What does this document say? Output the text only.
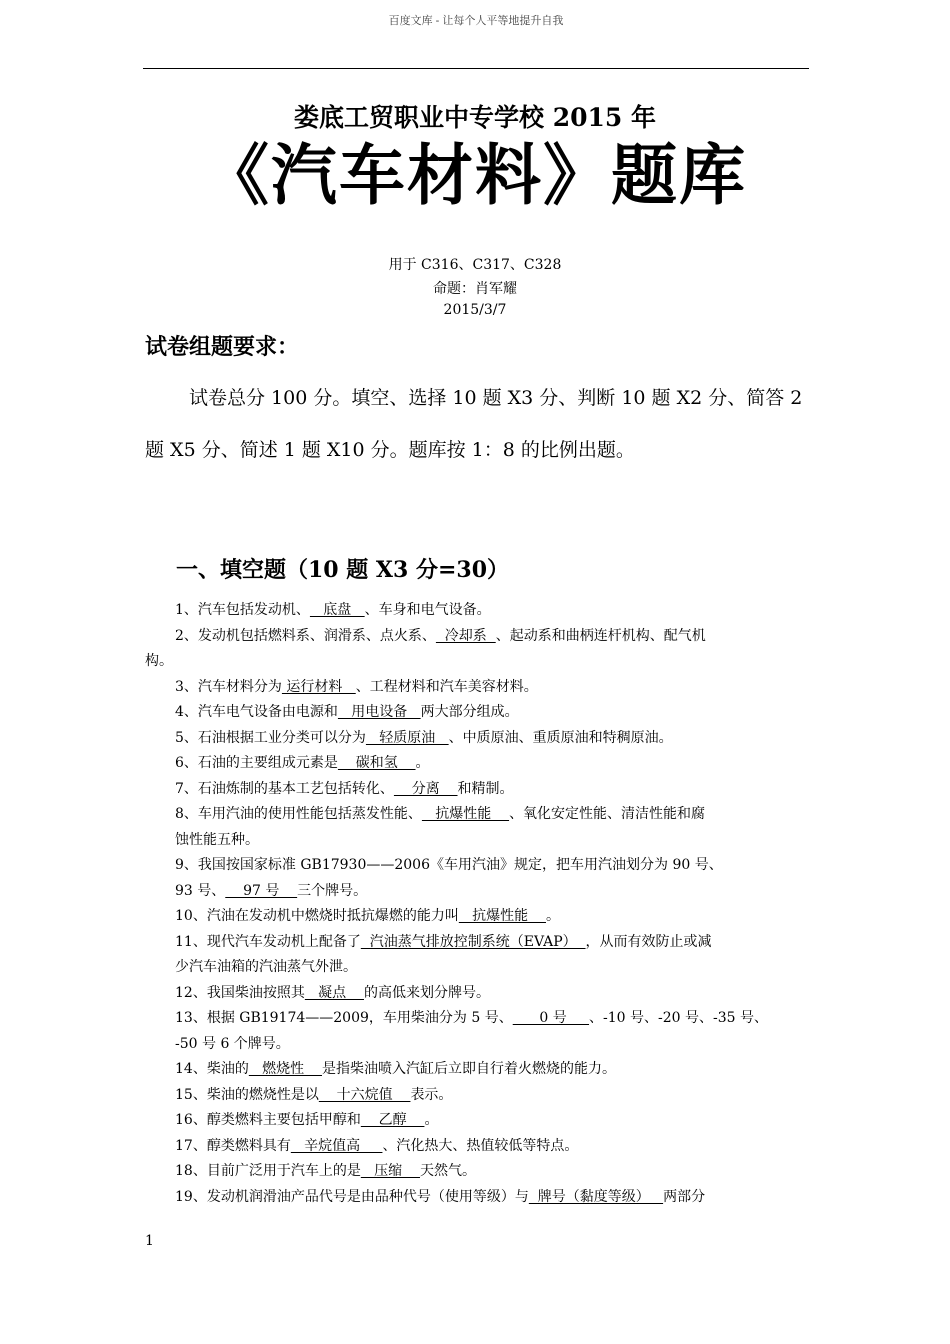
百度文库 - 让每个人平等地提升自我
娄底工贸职业中专学校 2015 年
《汽车材料》题库
用于 C316、C317、C328
命题：肖军耀
2015/3/7
试卷组题要求：
试卷总分 100 分。填空、选择 10 题 X3 分、判断 10 题 X2 分、简答 2 题 X5 分、简述 1 题 X10 分。题库按 1：8 的比例出题。
一、填空题（10 题 X3 分=30）
1、汽车包括发动机、   底盘   、车身和电气设备。
2、发动机包括燃料系、润滑系、点火系、  冷却系  、起动系和曲柄连杆机构、配气机
构。
3、汽车材料分为 运行材料   、工程材料和汽车美容材料。
4、汽车电气设备由电源和   用电设备   两大部分组成。
5、石油根据工业分类可以分为   轻质原油   、中质原油、重质原油和特稠原油。
6、石油的主要组成元素是    碳和氢    。
7、石油炼制的基本工艺包括转化、    分离    和精制。
8、车用汽油的使用性能包括蒸发性能、   抗爆性能    、氧化安定性能、清洁性能和腐
蚀性能五种。
9、我国按国家标准 GB17930——2006《车用汽油》规定，把车用汽油划分为 90 号、
93 号、    97 号    三个牌号。
10、汽油在发动机中燃烧时抵抗爆燃的能力叫   抗爆性能    。
11、现代汽车发动机上配备了  汽油蒸气排放控制系统（EVAP）  ，从而有效防止或减
少汽车油箱的汽油蒸气外泄。
12、我国柴油按照其   凝点    的高低来划分牌号。
13、根据 GB19174——2009，车用柴油分为 5 号、      0 号     、-10 号、-20 号、-35 号、
-50 号 6 个牌号。
14、柴油的   燃烧性    是指柴油喷入汽缸后立即自行着火燃烧的能力。
15、柴油的燃烧性是以    十六烷值    表示。
16、醇类燃料主要包括甲醇和    乙醇    。
17、醇类燃料具有   辛烷值高     、汽化热大、热值较低等特点。
18、目前广泛用于汽车上的是   压缩    天然气。
19、发动机润滑油产品代号是由品种代号（使用等级）与  牌号（黏度等级）   两部分
1
